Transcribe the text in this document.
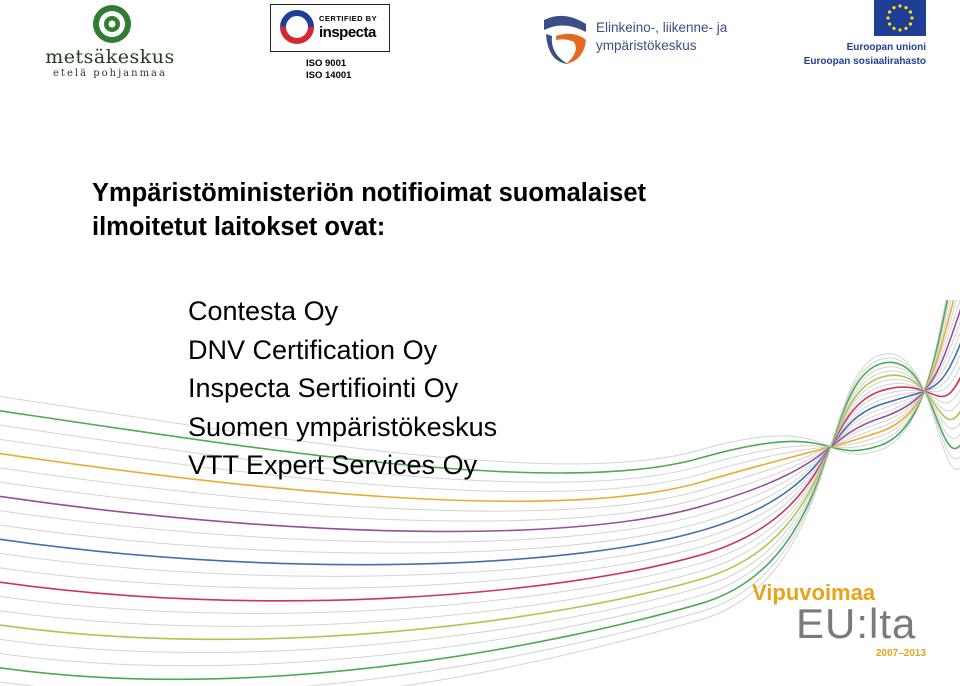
metsäkeskus
etelä pohjanmaa
CERTIFIED BY
inspecta
ISO 9001
ISO 14001
Elinkeino-, liikenne- ja
ympäristökeskus	Euroopan unioni
Euroopan sosiaalirahasto
Ympäristöministeriön notifioimat suomalaiset
ilmoitetut laitokset ovat:
Contesta Oy
DNV Certification Oy
Inspecta Sertifiointi Oy
Suomen ympäristökeskus
VTT Expert Services Oy
Vipuvoimaa
EU:lta
2007–2013
